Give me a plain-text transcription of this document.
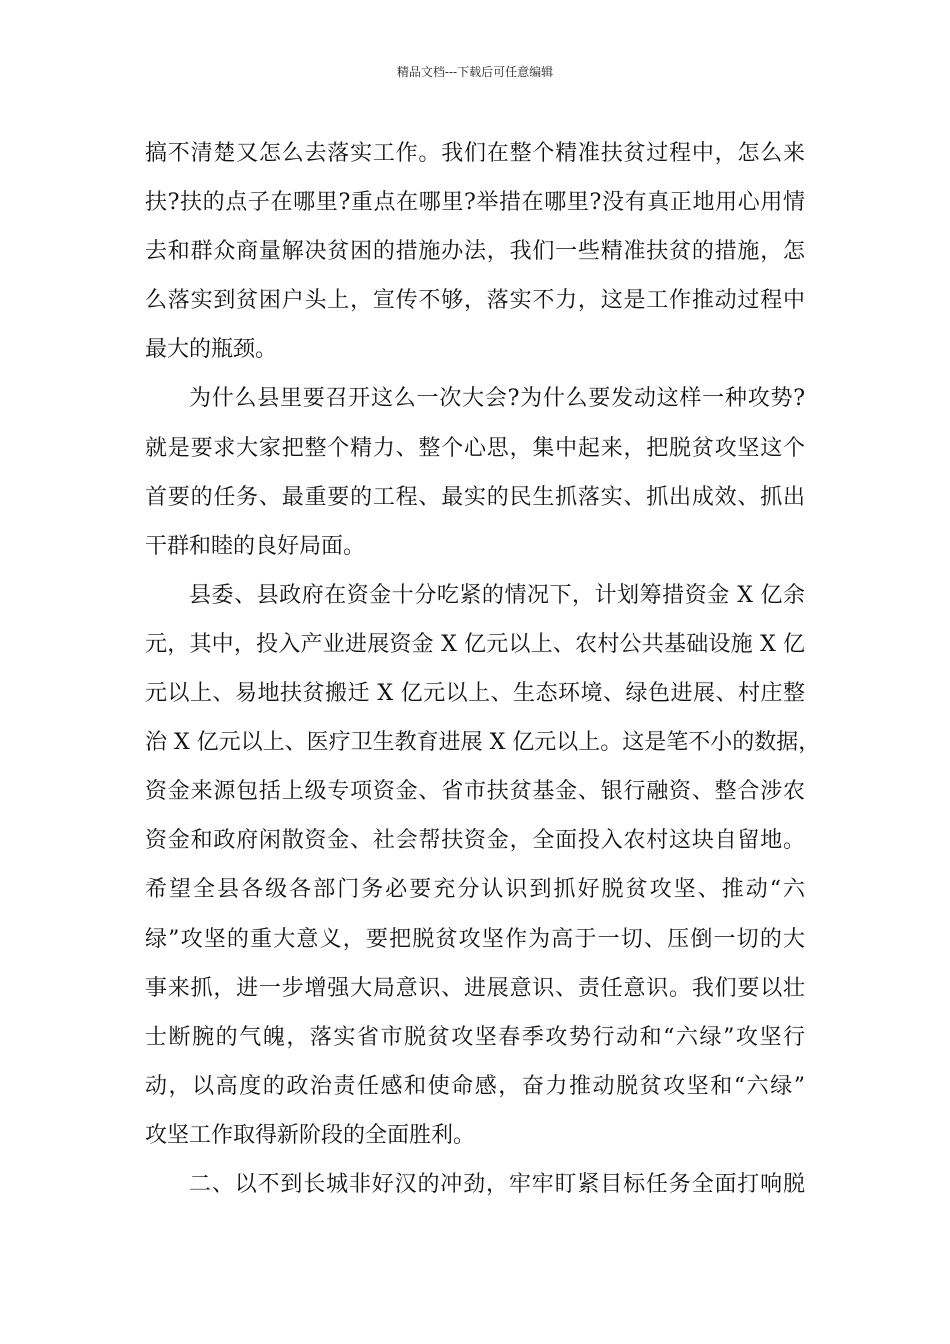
精品文档---下载后可任意编辑
搞不清楚又怎么去落实工作。我们在整个精准扶贫过程中，怎么来
扶?扶的点子在哪里?重点在哪里?举措在哪里?没有真正地用心用情
去和群众商量解决贫困的措施办法，我们一些精准扶贫的措施，怎
么落实到贫困户头上，宣传不够，落实不力，这是工作推动过程中
最大的瓶颈。
为什么县里要召开这么一次大会?为什么要发动这样一种攻势?
就是要求大家把整个精力、整个心思，集中起来，把脱贫攻坚这个
首要的任务、最重要的工程、最实的民生抓落实、抓出成效、抓出
干群和睦的良好局面。
县委、县政府在资金十分吃紧的情况下，计划筹措资金 X 亿余
元，其中，投入产业进展资金 X 亿元以上、农村公共基础设施 X 亿
元以上、易地扶贫搬迁 X 亿元以上、生态环境、绿色进展、村庄整
治 X 亿元以上、医疗卫生教育进展 X 亿元以上。这是笔不小的数据，
资金来源包括上级专项资金、省市扶贫基金、银行融资、整合涉农
资金和政府闲散资金、社会帮扶资金，全面投入农村这块自留地。
希望全县各级各部门务必要充分认识到抓好脱贫攻坚、推动“六
绿”攻坚的重大意义，要把脱贫攻坚作为高于一切、压倒一切的大
事来抓，进一步增强大局意识、进展意识、责任意识。我们要以壮
士断腕的气魄，落实省市脱贫攻坚春季攻势行动和“六绿”攻坚行
动，以高度的政治责任感和使命感，奋力推动脱贫攻坚和“六绿”
攻坚工作取得新阶段的全面胜利。
二、以不到长城非好汉的冲劲，牢牢盯紧目标任务全面打响脱
